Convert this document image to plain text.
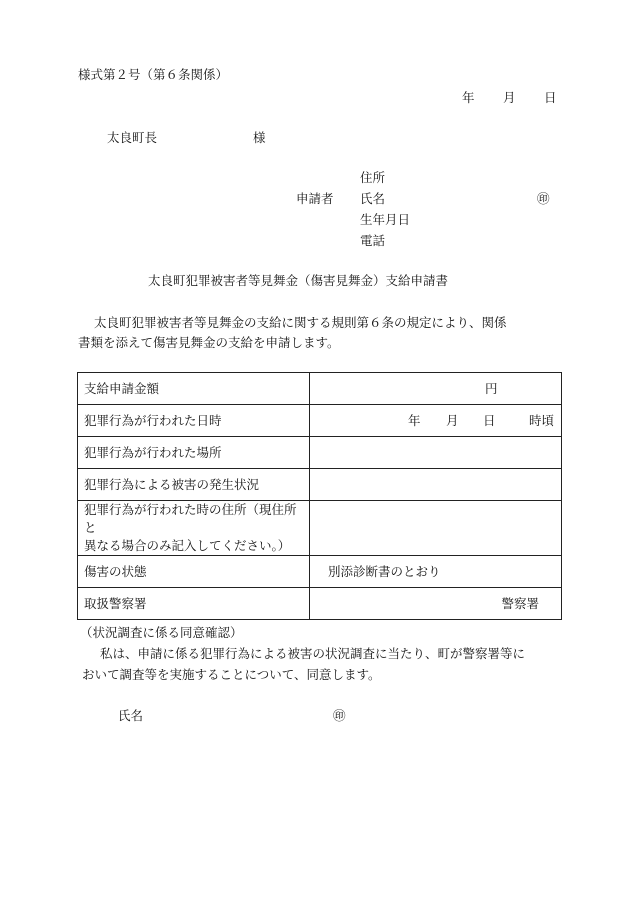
様式第２号（第６条関係）
年 月 日
太良町長	様
申請者
住所
氏名	㊞
生年月日
電話
太良町犯罪被害者等見舞金（傷害見舞金）支給申請書
太良町犯罪被害者等見舞金の支給に関する規則第６条の規定により、関係
書類を添えて傷害見舞金の支給を申請します。
支給申請金額	円
犯罪行為が行われた日時	年 月 日 時頃
犯罪行為が行われた場所	
犯罪行為による被害の発生状況	

犯罪行為が行われた時の住所（現住所と
異なる場合のみ記入してください。）	

傷害の状態	別添診断書のとおり
取扱警察署	警察署
（状況調査に係る同意確認）
私は、申請に係る犯罪行為による被害の状況調査に当たり、町が警察署等に
おいて調査等を実施することについて、同意します。
氏名	㊞
